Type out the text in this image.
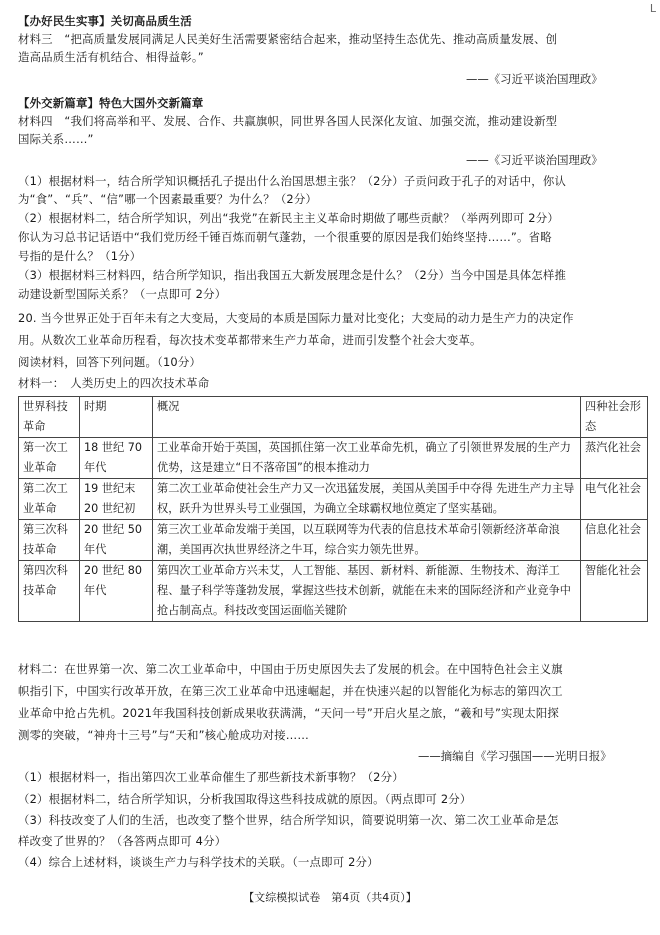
L
【办好民生实事】关切高品质生活
材料三　“把高质量发展同满足人民美好生活需要紧密结合起来，推动坚持生态优先、推动高质量发展、创
造高品质生活有机结合、相得益彰。”
——《习近平谈治国理政》
【外交新篇章】特色大国外交新篇章
材料四　“我们将高举和平、发展、合作、共赢旗帜，同世界各国人民深化友谊、加强交流，推动建设新型
国际关系……”
——《习近平谈治国理政》
（1）根据材料一，结合所学知识概括孔子提出什么治国思想主张？（2分）子贡问政于孔子的对话中，你认
为“食”、“兵”、“信”哪一个因素最重要？为什么？（2分）
（2）根据材料二，结合所学知识，列出“我党”在新民主主义革命时期做了哪些贡献？（举两列即可 2分）
你认为习总书记话语中“我们党历经千锤百炼而朝气蓬勃，一个很重要的原因是我们始终坚持……”。省略
号指的是什么？（1分）
（3）根据材料三材料四，结合所学知识，指出我国五大新发展理念是什么？（2分）当今中国是具体怎样推
动建设新型国际关系？（一点即可 2分）
20. 当今世界正处于百年未有之大变局，大变局的本质是国际力量对比变化；大变局的动力是生产力的决定作
用。从数次工业革命历程看，每次技术变革都带来生产力革命，进而引发整个社会大变革。
阅读材料，回答下列问题。（10分）
材料一：　人类历史上的四次技术革命
世界科技革命	时期	概况	四种社会形态
第一次工业革命	18 世纪 70 年代	工业革命开始于英国，英国抓住第一次工业革命先机，确立了引领世界发展的生产力优势，这是建立“日不落帝国”的根本推动力	蒸汽化社会
第二次工业革命	19 世纪末 20 世纪初	第二次工业革命使社会生产力又一次迅猛发展，美国从美国手中夺得 先进生产力主导权，跃升为世界头号工业强国，为确立全球霸权地位奠定了坚实基础。	电气化社会
第三次科技革命	20 世纪 50 年代	第三次工业革命发端于美国，以互联网等为代表的信息技术革命引领新经济革命浪潮，美国再次执世界经济之牛耳，综合实力领先世界。	信息化社会
第四次科技革命	20 世纪 80 年代	第四次工业革命方兴未艾，人工智能、基因、新材料、新能源、生物技术、海洋工程、量子科学等蓬勃发展，掌握这些技术创新，就能在未来的国际经济和产业竞争中抢占制高点。科技改变国运面临关键阶	智能化社会
材料二：在世界第一次、第二次工业革命中，中国由于历史原因失去了发展的机会。在中国特色社会主义旗
帜指引下，中国实行改革开放，在第三次工业革命中迅速崛起，并在快速兴起的以智能化为标志的第四次工
业革命中抢占先机。2021年我国科技创新成果收获满满，“天问一号”开启火星之旅，“羲和号”实现太阳探
测零的突破，“神舟十三号”与“天和”核心舱成功对接……
——摘编自《学习强国——光明日报》
（1）根据材料一，指出第四次工业革命催生了那些新技术新事物？（2分）
（2）根据材料二，结合所学知识，分析我国取得这些科技成就的原因。（两点即可 2分）
（3）科技改变了人们的生活，也改变了整个世界，结合所学知识，简要说明第一次、第二次工业革命是怎
样改变了世界的？（各答两点即可 4分）
（4）综合上述材料，谈谈生产力与科学技术的关联。（一点即可 2分）
【文综模拟试卷　第4页（共4页）】
